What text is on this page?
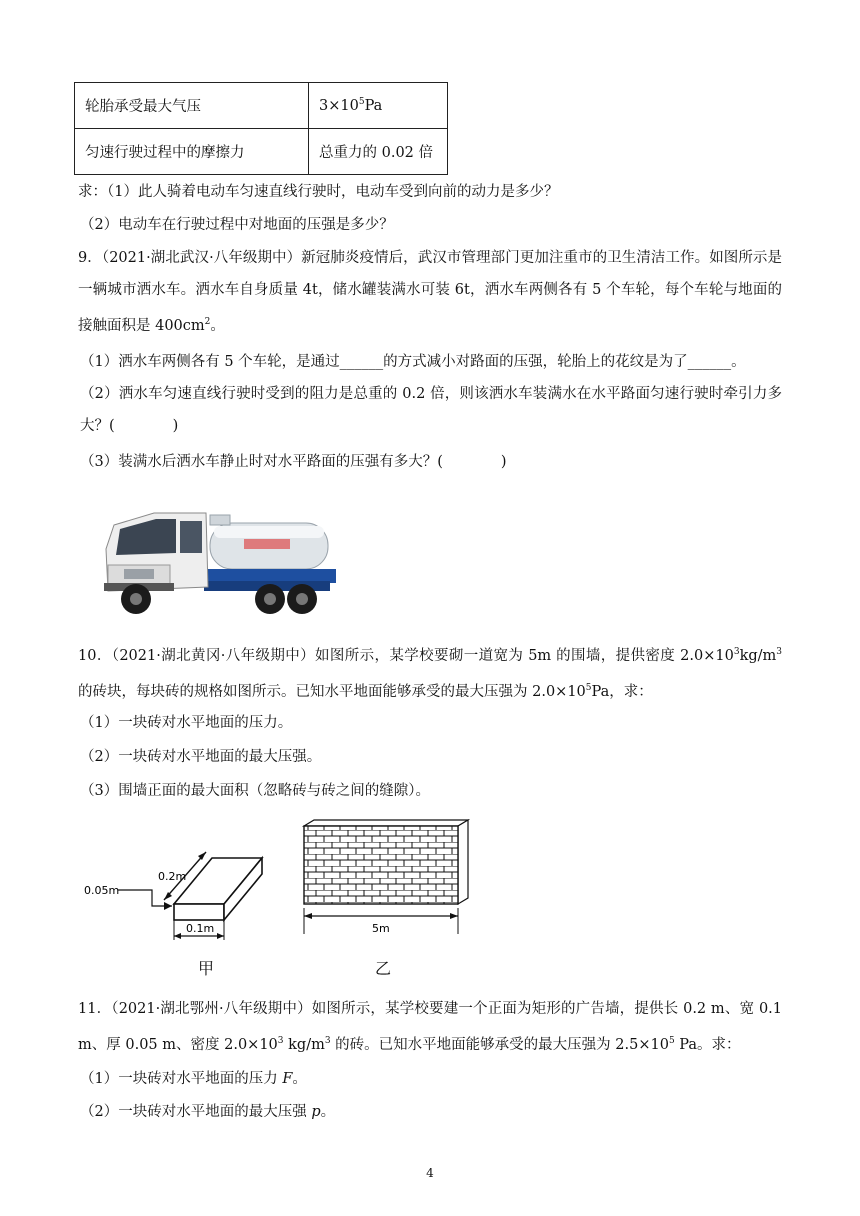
轮胎承受最大气压	$3\times 10^5Pa$
匀速行驶过程中的摩擦力	总重力的 0.02 倍
求：（1）此人骑着电动车匀速直线行驶时，电动车受到向前的动力是多少？
（2）电动车在行驶过程中对地面的压强是多少？
9．（2021·湖北武汉·八年级期中）新冠肺炎疫情后，武汉市管理部门更加注重市的卫生清洁工作。如图所示是一辆城市洒水车。洒水车自身质量 4t，储水罐装满水可装 6t，洒水车两侧各有 5 个车轮，每个车轮与地面的接触面积是 $400cm^2$。
（1）洒水车两侧各有 5 个车轮，是通过______的方式减小对路面的压强，轮胎上的花纹是为了______。
（2）洒水车匀速直线行驶时受到的阻力是总重的 0.2 倍，则该洒水车装满水在水平路面匀速行驶时牵引力多大？(　　　　)
（3）装满水后洒水车静止时对水平路面的压强有多大？(　　　　)
10．（2021·湖北黄冈·八年级期中）如图所示，某学校要砌一道宽为 5m 的围墙，提供密度 $2.0\times 10^3kg/m^3$ 的砖块，每块砖的规格如图所示。已知水平地面能够承受的最大压强为 $2.0\times 10^5Pa$，求：
（1）一块砖对水平地面的压力。
（2）一块砖对水平地面的最大压强。
（3）围墙正面的最大面积（忽略砖与砖之间的缝隙）。
0.2m
0.05m
0.1m
甲
5m
乙
11．（2021·湖北鄂州·八年级期中）如图所示，某学校要建一个正面为矩形的广告墙，提供长 0.2 m、宽 0.1 m、厚 0.05 m、密度 $2.0\times 10^3$ $kg/m^3$ 的砖。已知水平地面能够承受的最大压强为 $2.5\times 10^5$ Pa。求：
（1）一块砖对水平地面的压力 F。
（2）一块砖对水平地面的最大压强 p。
4
